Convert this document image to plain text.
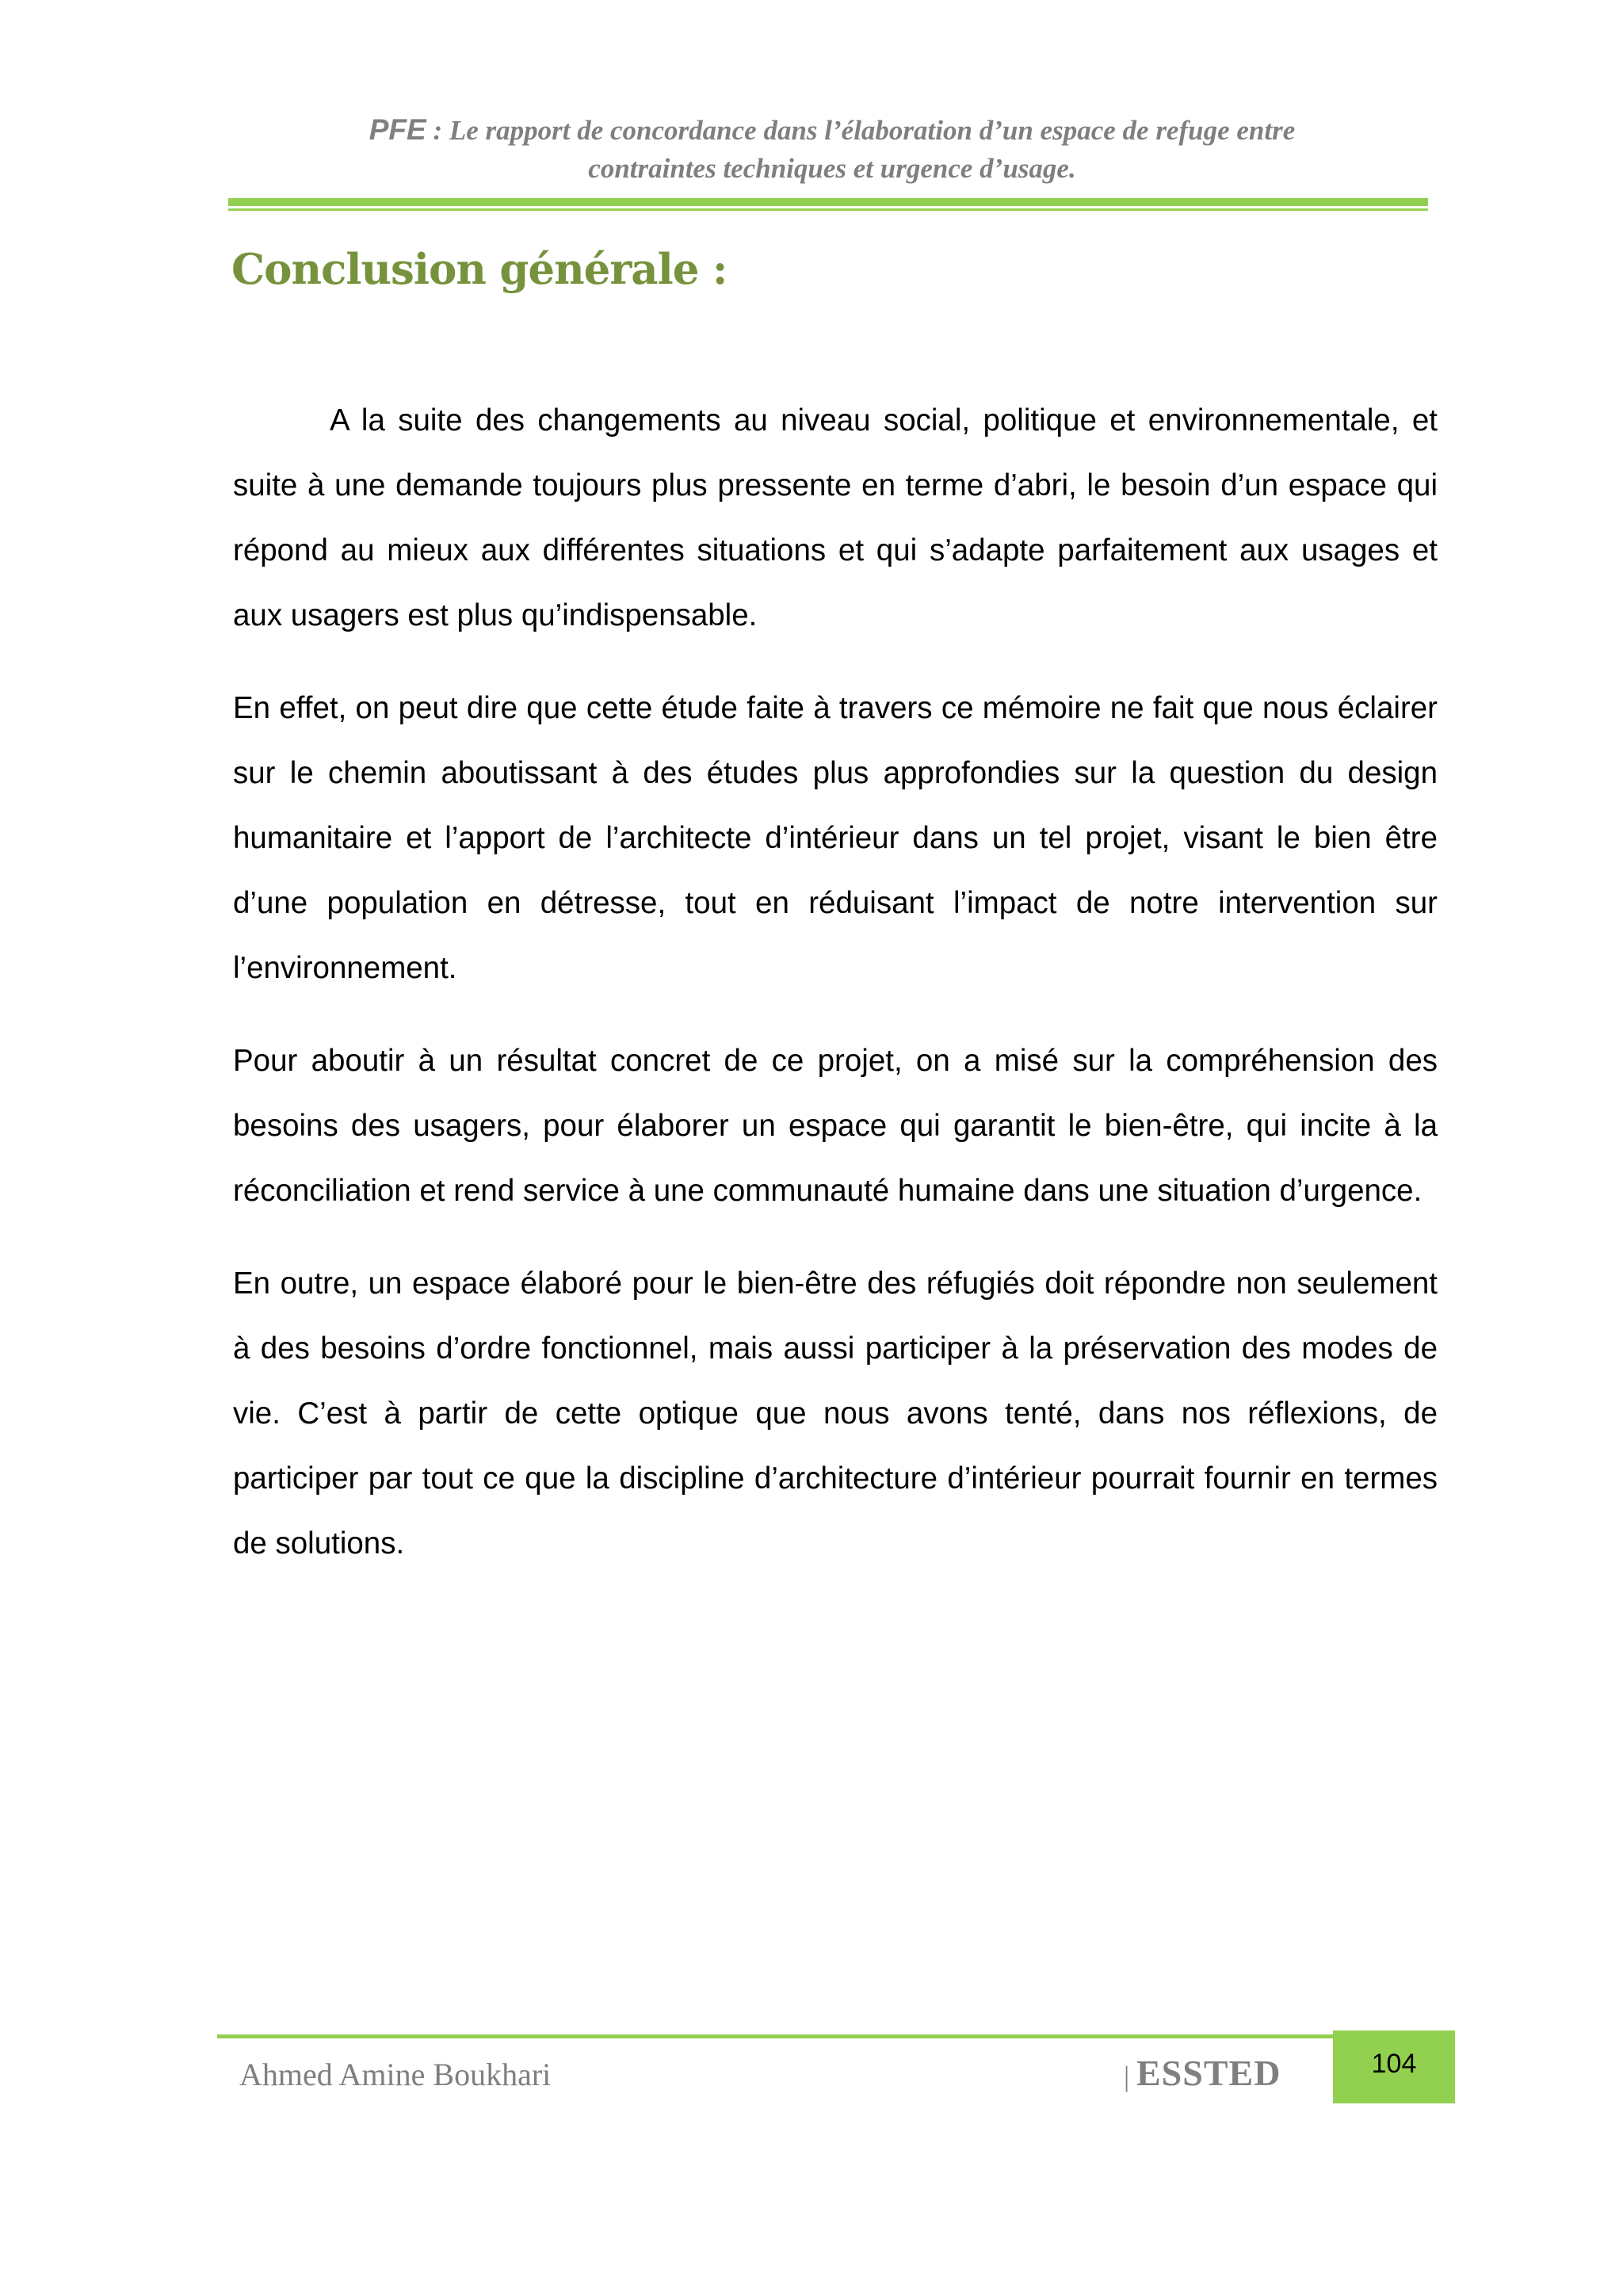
PFE : Le rapport de concordance dans l’élaboration d’un espace de refuge entre
contraintes techniques et urgence d’usage.
Conclusion générale :

A la suite des changements au niveau social, politique et environnementale, et suite à une demande toujours plus pressente en terme d’abri, le besoin d’un espace qui répond au mieux aux différentes situations et qui s’adapte parfaitement aux usages et aux usagers est plus qu’indispensable.

En effet, on peut dire que cette étude faite à travers ce mémoire ne fait que nous éclairer sur le chemin aboutissant à des études plus approfondies sur la question du design humanitaire et l’apport de l’architecte d’intérieur dans un tel projet, visant le bien être d’une population en détresse, tout en réduisant l’impact de notre intervention sur l’environnement.

Pour aboutir à un résultat concret de ce projet, on a misé sur la compréhension des besoins des usagers, pour élaborer un espace qui garantit le bien-être, qui incite à la réconciliation et rend service à une communauté humaine dans une situation d’urgence.

En outre, un espace élaboré pour le bien-être des réfugiés doit répondre non seulement à des besoins d’ordre fonctionnel, mais aussi participer à la préservation des modes de vie. C’est à partir de cette optique que nous avons tenté, dans nos réflexions, de participer par tout ce que la discipline d’architecture d’intérieur pourrait fournir en termes de solutions.

Ahmed Amine Boukhari	| ESSTED	104
